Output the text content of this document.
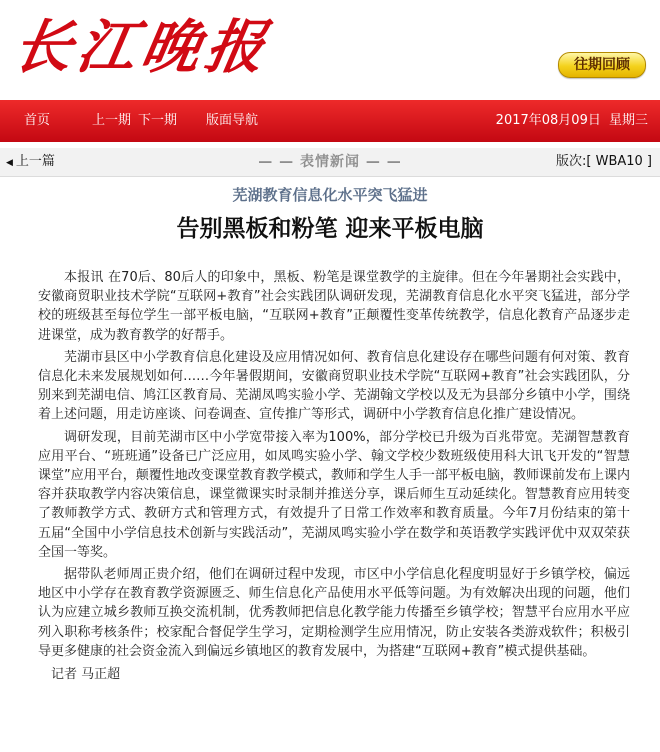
长江晚报	往期回顾
首页	上一期 下一期 版面导航	2017年08月09日 星期三
— — 表情新闻 — —
◀ 上一篇	版次:[ WBA10 ]
芜湖教育信息化水平突飞猛进
告别黑板和粉笔 迎来平板电脑

本报讯 在70后、80后人的印象中，黑板、粉笔是课堂教学的主旋律。但在今年暑期社会实践中，安徽商贸职业技术学院“互联网+教育”社会实践团队调研发现，芜湖教育信息化水平突飞猛进，部分学校的班级甚至每位学生一部平板电脑，“互联网+教育”正颠覆性变革传统教学，信息化教育产品逐步走进课堂，成为教育教学的好帮手。

芜湖市县区中小学教育信息化建设及应用情况如何、教育信息化建设存在哪些问题有何对策、教育信息化未来发展规划如何……今年暑假期间，安徽商贸职业技术学院“互联网+教育”社会实践团队，分别来到芜湖电信、鸠江区教育局、芜湖凤鸣实验小学、芜湖翰文学校以及无为县部分乡镇中小学，围绕着上述问题，用走访座谈、问卷调查、宣传推广等形式，调研中小学教育信息化推广建设情况。

调研发现，目前芜湖市区中小学宽带接入率为100%，部分学校已升级为百兆带宽。芜湖智慧教育应用平台、“班班通”设备已广泛应用，如凤鸣实验小学、翰文学校少数班级使用科大讯飞开发的“智慧课堂”应用平台，颠覆性地改变课堂教育教学模式，教师和学生人手一部平板电脑，教师课前发布上课内容并获取教学内容决策信息，课堂微课实时录制并推送分享，课后师生互动延续化。智慧教育应用转变了教师教学方式、教研方式和管理方式，有效提升了日常工作效率和教育质量。今年7月份结束的第十五届“全国中小学信息技术创新与实践活动”，芜湖凤鸣实验小学在数学和英语教学实践评优中双双荣获全国一等奖。

据带队老师周正贵介绍，他们在调研过程中发现，市区中小学信息化程度明显好于乡镇学校，偏远地区中小学存在教育教学资源匮乏、师生信息化产品使用水平低等问题。为有效解决出现的问题，他们认为应建立城乡教师互换交流机制，优秀教师把信息化教学能力传播至乡镇学校；智慧平台应用水平应列入职称考核条件；校家配合督促学生学习，定期检测学生应用情况，防止安装各类游戏软件；积极引导更多健康的社会资金流入到偏远乡镇地区的教育发展中，为搭建“互联网+教育”模式提供基础。

记者 马正超
